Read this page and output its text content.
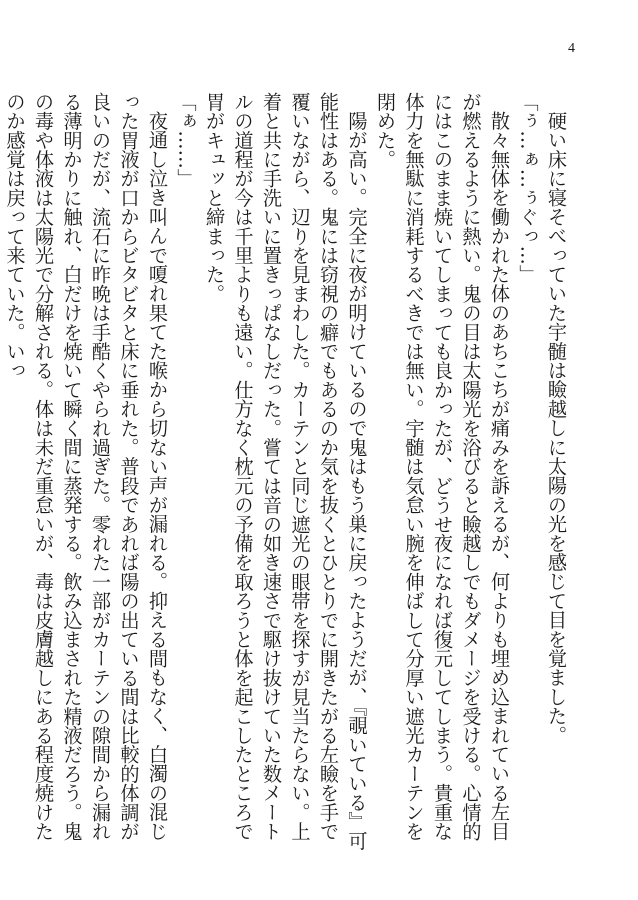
4

硬い床に寝そべっていた宇髄は瞼越しに太陽の光を感じて目を覚ました。

「ぅ…ぁ…ぅぐっ…」

散々無体を働かれた体のあちこちが痛みを訴えるが、何よりも埋め込まれている左目が燃えるように熱い。鬼の目は太陽光を浴びると瞼越しでもダメージを受ける。心情的にはこのまま焼いてしまっても良かったが、どうせ夜になれば復元してしまう。貴重な体力を無駄に消耗するべきでは無い。宇髄は気怠い腕を伸ばして分厚い遮光カーテンを閉めた。

陽が高い。完全に夜が明けているので鬼はもう巣に戻ったようだが、『覗いている』可能性はある。鬼には窃視の癖でもあるのか気を抜くとひとりでに開きたがる左瞼を手で覆いながら、辺りを見まわした。カーテンと同じ遮光の眼帯を探すが見当たらない。上着と共に手洗いに置きっぱなしだった。嘗ては音の如き速さで駆け抜けていた数メートルの道程が今は千里よりも遠い。仕方なく枕元の予備を取ろうと体を起こしたところで胃がキュッと締まった。

「ぁ……」

夜通し泣き叫んで嗄れ果てた喉から切ない声が漏れる。抑える間もなく、白濁の混じった胃液が口からビタビタと床に垂れた。普段であれば陽の出ている間は比較的体調が良いのだが、流石に昨晩は手酷くやられ過ぎた。零れた一部がカーテンの隙間から漏れる薄明かりに触れ、白だけを焼いて瞬く間に蒸発する。飲み込まされた精液だろう。鬼の毒や体液は太陽光で分解される。体は未だ重怠いが、毒は皮膚越しにある程度焼けたのか感覚は戻って来ていた。いっ
